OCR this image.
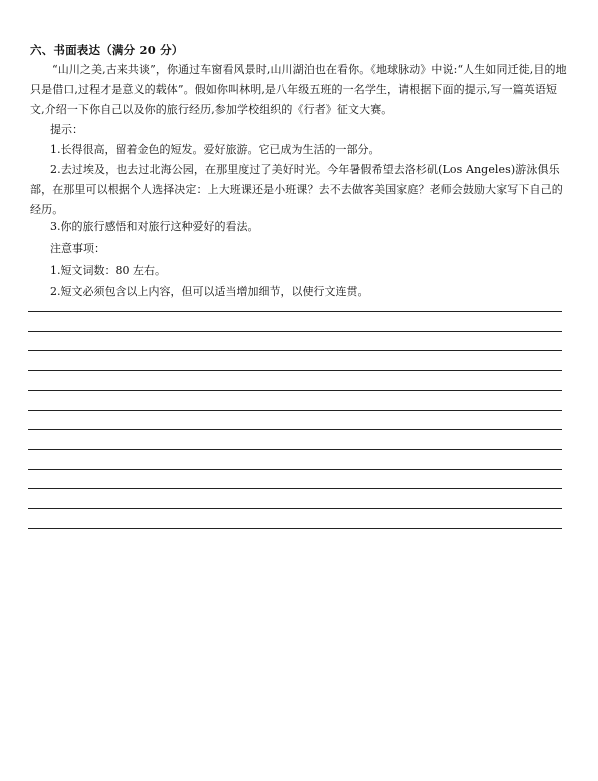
六、书面表达（满分 20 分）
“山川之美,古来共谈”，你通过车窗看风景时,山川湖泊也在看你。《地球脉动》中说:“人生如同迁徙,目的地只是借口,过程才是意义的载体”。假如你叫林明,是八年级五班的一名学生，请根据下面的提示,写一篇英语短文,介绍一下你自己以及你的旅行经历,参加学校组织的《行者》征文大赛。
提示：
1.长得很高，留着金色的短发。爱好旅游。它已成为生活的一部分。
2.去过埃及，也去过北海公园，在那里度过了美好时光。今年暑假希望去洛杉矶(Los Angeles)游泳俱乐部，在那里可以根据个人选择决定：上大班课还是小班课？去不去做客美国家庭？老师会鼓励大家写下自己的经历。
3.你的旅行感悟和对旅行这种爱好的看法。
注意事项：
1.短文词数：80 左右。
2.短文必须包含以上内容，但可以适当增加细节，以使行文连贯。
